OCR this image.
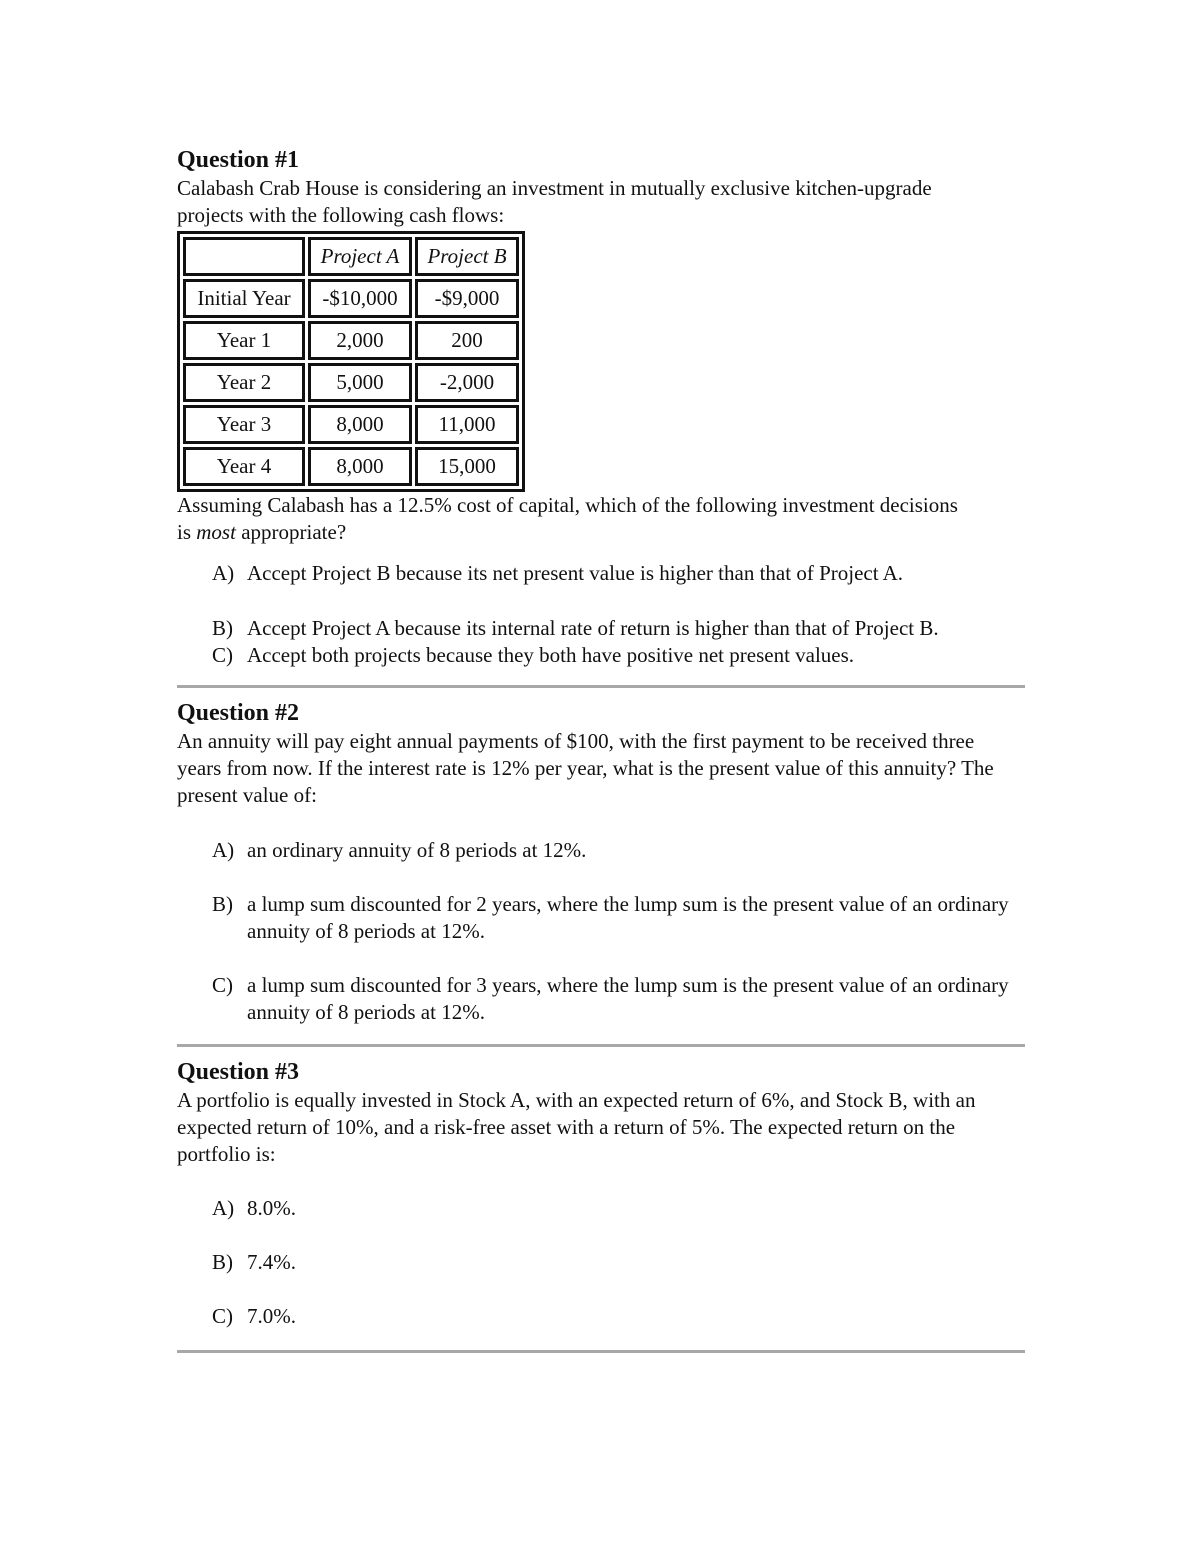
Question #1

Calabash Crab House is considering an investment in mutually exclusive kitchen-upgrade projects with the following cash flows:

	Project A	Project B
Initial Year	-$10,000	-$9,000
Year 1	2,000	200
Year 2	5,000	-2,000
Year 3	8,000	11,000
Year 4	8,000	15,000

Assuming Calabash has a 12.5% cost of capital, which of the following investment decisions is most appropriate?

A) Accept Project B because its net present value is higher than that of Project A.
B) Accept Project A because its internal rate of return is higher than that of Project B.
C) Accept both projects because they both have positive net present values.
Question #2

An annuity will pay eight annual payments of $100, with the first payment to be received three years from now. If the interest rate is 12% per year, what is the present value of this annuity? The present value of:

A) an ordinary annuity of 8 periods at 12%.
B) a lump sum discounted for 2 years, where the lump sum is the present value of an ordinary annuity of 8 periods at 12%.
C) a lump sum discounted for 3 years, where the lump sum is the present value of an ordinary annuity of 8 periods at 12%.
Question #3

A portfolio is equally invested in Stock A, with an expected return of 6%, and Stock B, with an expected return of 10%, and a risk-free asset with a return of 5%. The expected return on the portfolio is:

A) 8.0%.
B) 7.4%.
C) 7.0%.
